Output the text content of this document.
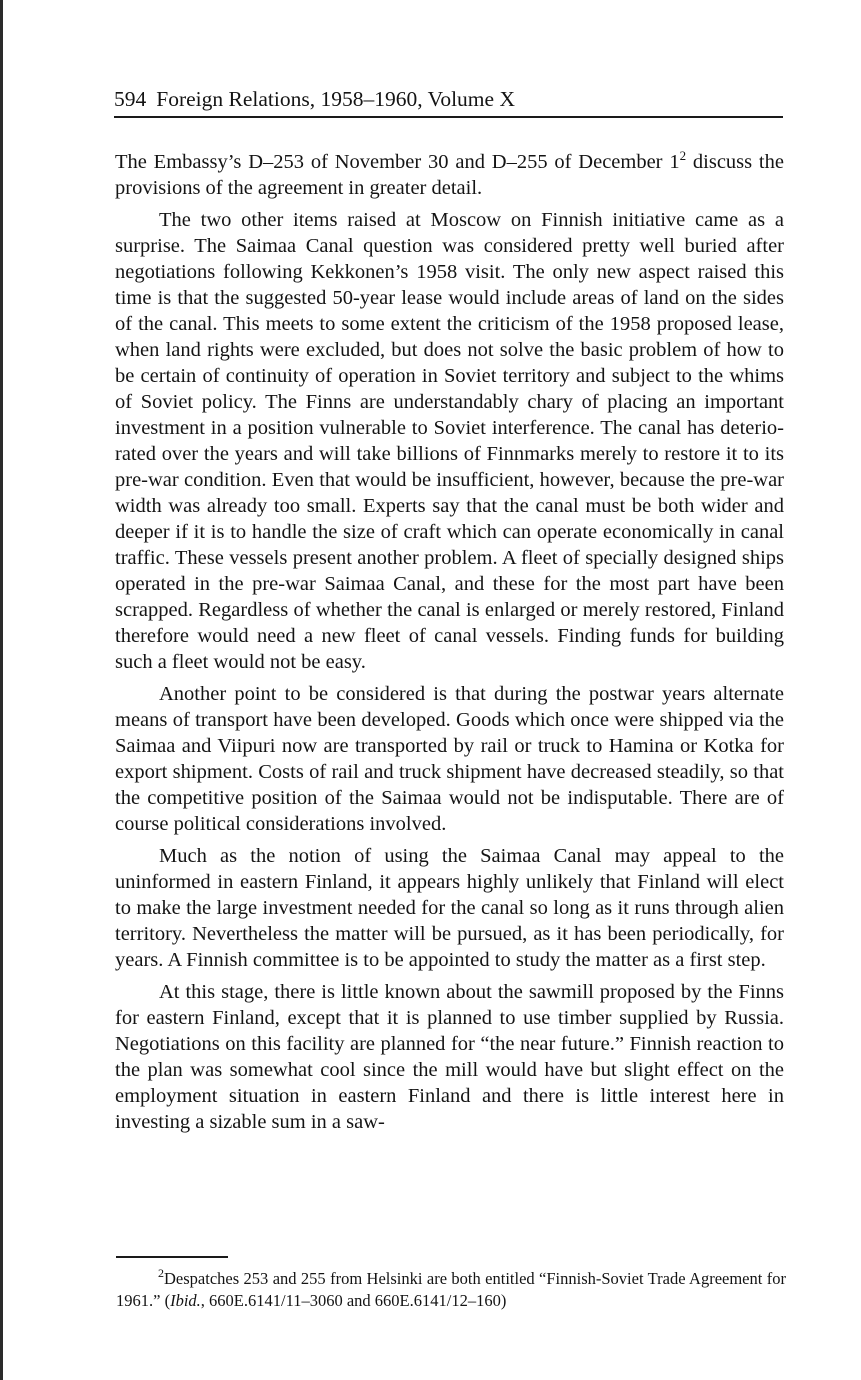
594 Foreign Relations, 1958–1960, Volume X

The Embassy’s D–253 of November 30 and D–255 of December $1^2$ discuss the provisions of the agreement in greater detail.

The two other items raised at Moscow on Finnish initiative came as a surprise. The Saimaa Canal question was considered pretty well buried after negotiations following Kekkonen’s 1958 visit. The only new aspect raised this time is that the suggested 50-year lease would include areas of land on the sides of the canal. This meets to some extent the criticism of the 1958 proposed lease, when land rights were excluded, but does not solve the basic problem of how to be certain of continuity of operation in Soviet territory and subject to the whims of Soviet policy. The Finns are understandably chary of placing an important investment in a position vulnerable to Soviet interference. The canal has deteriorated over the years and will take billions of Finnmarks merely to restore it to its pre-war condition. Even that would be insufficient, however, because the pre-war width was already too small. Experts say that the canal must be both wider and deeper if it is to handle the size of craft which can operate economically in canal traffic. These vessels present another problem. A fleet of specially designed ships operated in the pre-war Saimaa Canal, and these for the most part have been scrapped. Regardless of whether the canal is enlarged or merely restored, Finland therefore would need a new fleet of canal vessels. Finding funds for building such a fleet would not be easy.

Another point to be considered is that during the postwar years alternate means of transport have been developed. Goods which once were shipped via the Saimaa and Viipuri now are transported by rail or truck to Hamina or Kotka for export shipment. Costs of rail and truck shipment have decreased steadily, so that the competitive position of the Saimaa would not be indisputable. There are of course political considerations involved.

Much as the notion of using the Saimaa Canal may appeal to the uninformed in eastern Finland, it appears highly unlikely that Finland will elect to make the large investment needed for the canal so long as it runs through alien territory. Nevertheless the matter will be pursued, as it has been periodically, for years. A Finnish committee is to be appointed to study the matter as a first step.

At this stage, there is little known about the sawmill proposed by the Finns for eastern Finland, except that it is planned to use timber supplied by Russia. Negotiations on this facility are planned for “the near future.” Finnish reaction to the plan was somewhat cool since the mill would have but slight effect on the employment situation in eastern Finland and there is little interest here in investing a sizable sum in a saw-

$^2$Despatches 253 and 255 from Helsinki are both entitled “Finnish-Soviet Trade Agreement for 1961.” (Ibid., 660E.6141/11–3060 and 660E.6141/12–160)
